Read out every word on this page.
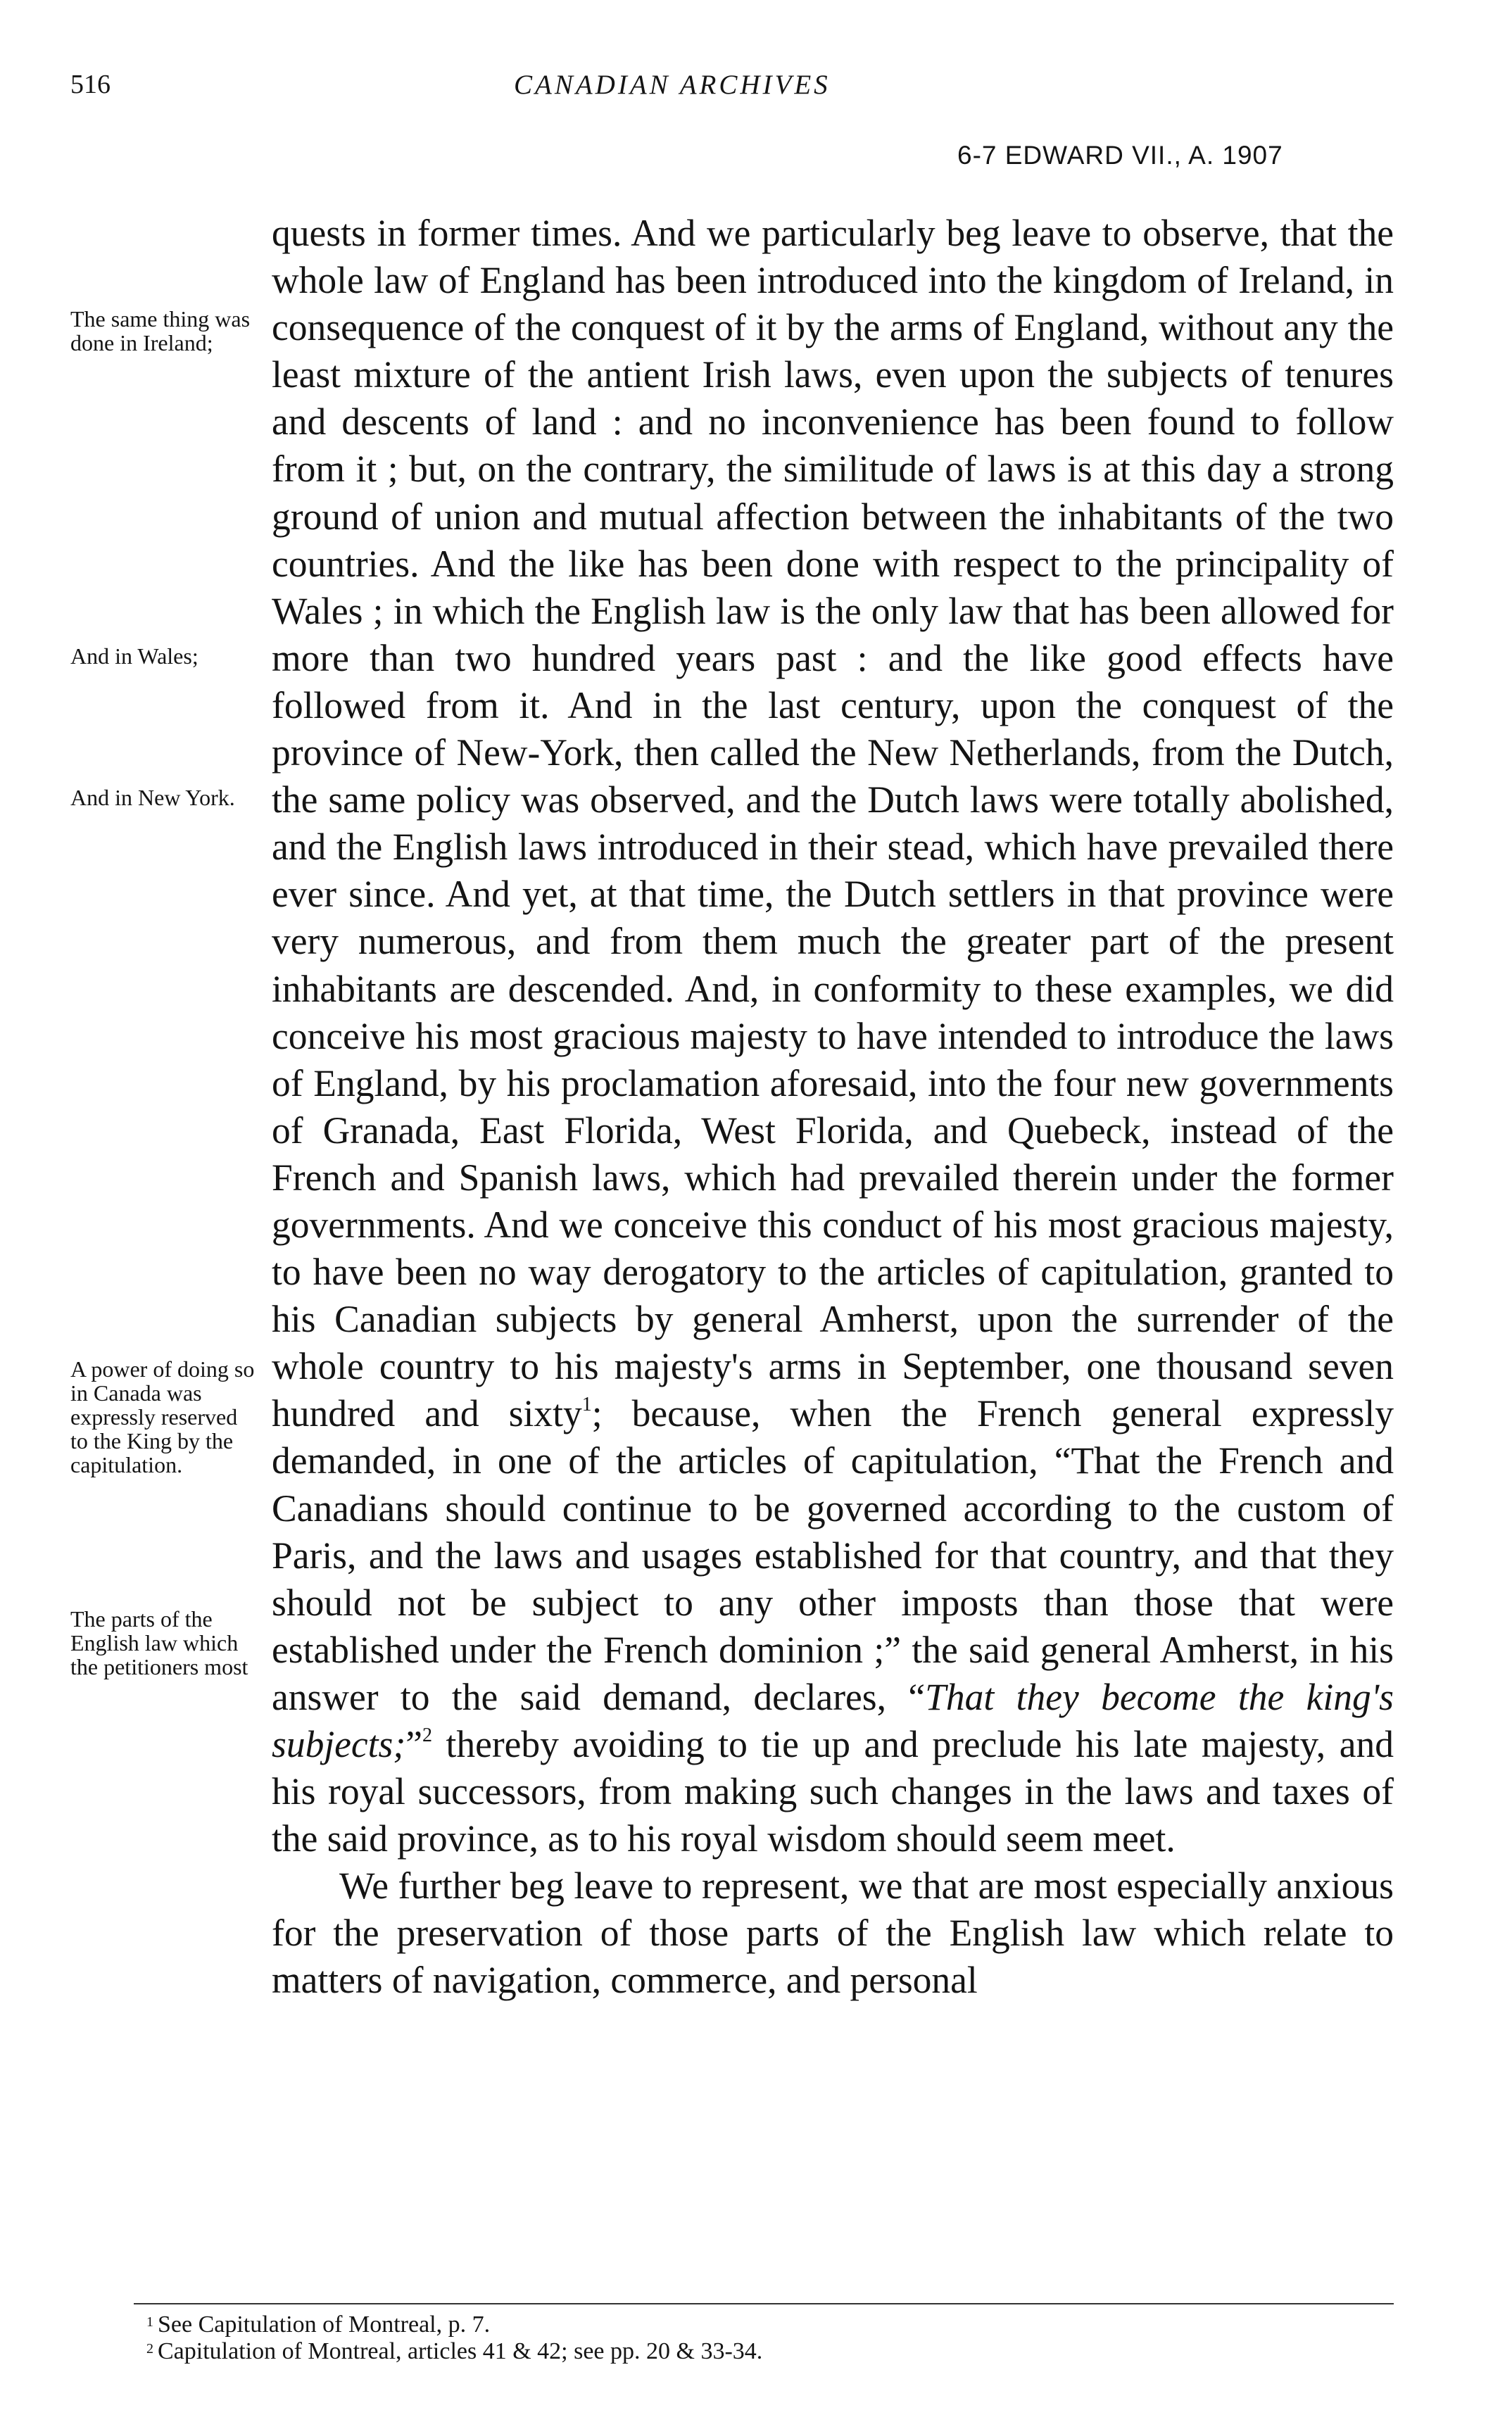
516	CANADIAN ARCHIVES
6-7 EDWARD VII., A. 1907
The same thing was done in Ireland;
And in Wales;
And in New York.
A power of doing so in Canada was expressly reserved to the King by the capitulation.
The parts of the English law which the petitioners most

quests in former times. And we particularly beg leave to observe, that the whole law of England has been introduced into the kingdom of Ireland, in consequence of the conquest of it by the arms of England, without any the least mixture of the antient Irish laws, even upon the subjects of tenures and descents of land : and no inconvenience has been found to follow from it ; but, on the contrary, the similitude of laws is at this day a strong ground of union and mutual affection between the inhabitants of the two countries. And the like has been done with respect to the principality of Wales ; in which the English law is the only law that has been allowed for more than two hundred years past : and the like good effects have followed from it. And in the last century, upon the conquest of the province of New-York, then called the New Netherlands, from the Dutch, the same policy was observed, and the Dutch laws were totally abolished, and the English laws introduced in their stead, which have prevailed there ever since. And yet, at that time, the Dutch settlers in that province were very numerous, and from them much the greater part of the present inhabitants are descended. And, in conformity to these examples, we did conceive his most gracious majesty to have intended to introduce the laws of England, by his proclamation aforesaid, into the four new governments of Granada, East Florida, West Florida, and Quebeck, instead of the French and Spanish laws, which had prevailed therein under the former governments. And we conceive this conduct of his most gracious majesty, to have been no way derogatory to the articles of capitulation, granted to his Canadian subjects by general Amherst, upon the surrender of the whole country to his majesty's arms in September, one thousand seven hundred and sixty$^1$; because, when the French general expressly demanded, in one of the articles of capitulation, “That the French and Canadians should continue to be governed according to the custom of Paris, and the laws and usages established for that country, and that they should not be subject to any other imposts than those that were established under the French dominion ;” the said general Amherst, in his answer to the said demand, declares, “That they become the king's subjects;”$^2$ thereby avoiding to tie up and preclude his late majesty, and his royal successors, from making such changes in the laws and taxes of the said province, as to his royal wisdom should seem meet.

We further beg leave to represent, we that are most especially anxious for the preservation of those parts of the English law which relate to matters of navigation, commerce, and personal

$^1$ See Capitulation of Montreal, p. 7.
$^2$ Capitulation of Montreal, articles 41 & 42; see pp. 20 & 33-34.
